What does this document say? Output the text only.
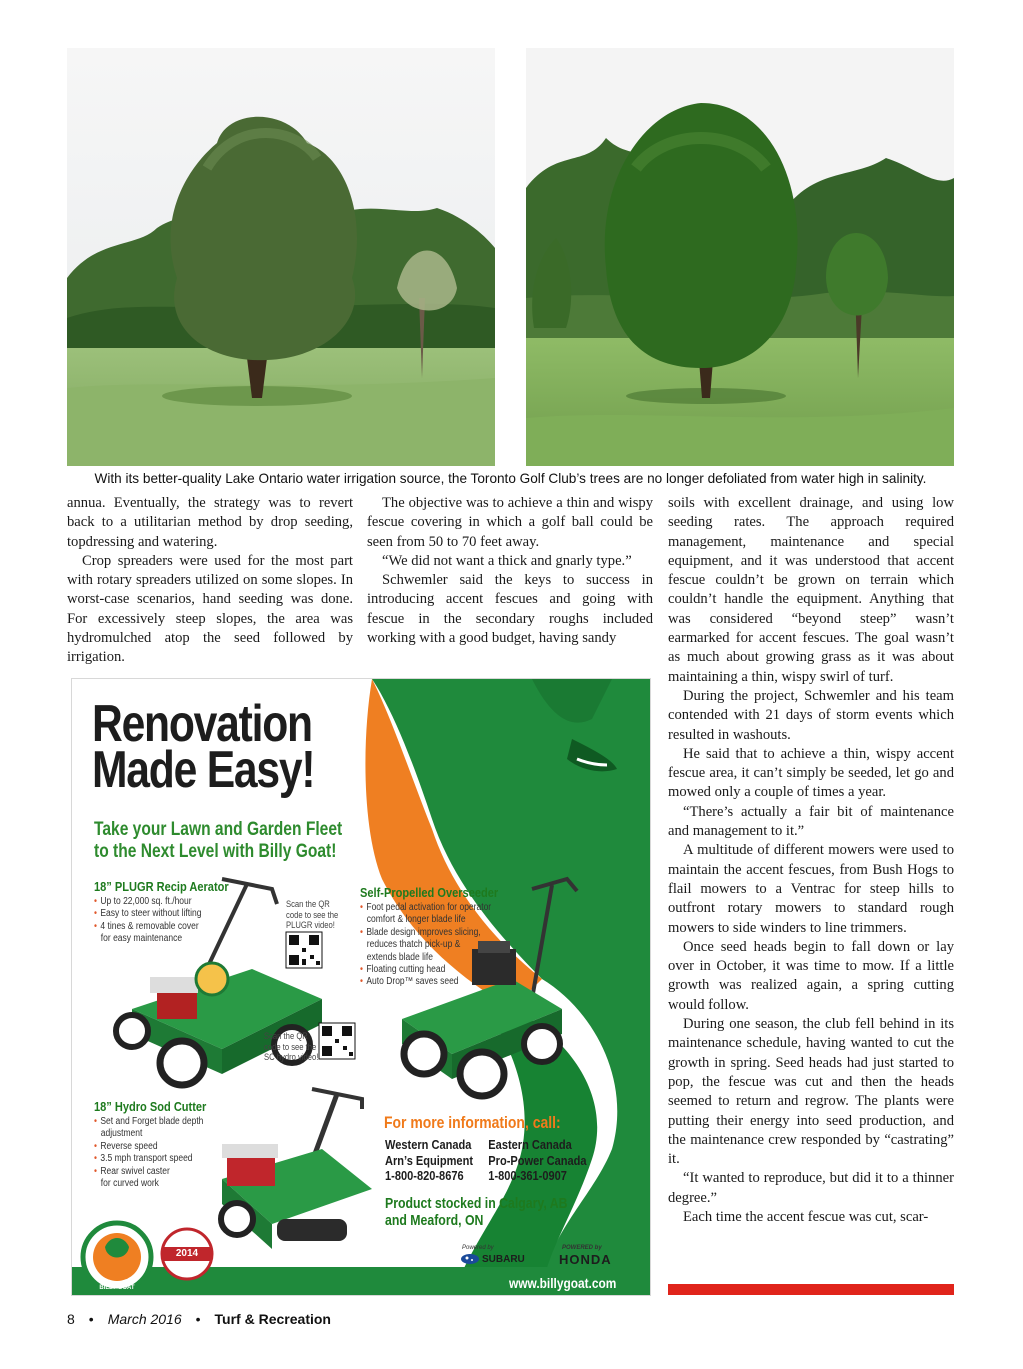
With its better-quality Lake Ontario water irrigation source, the Toronto Golf Club’s trees are no longer defoliated from water high in salinity.

annua. Eventually, the strategy was to revert back to a utilitarian method by drop seeding, topdressing and watering.

Crop spreaders were used for the most part with rotary spreaders utilized on some slopes. In worst-case scenarios, hand seeding was done. For excessively steep slopes, the area was hydromulched atop the seed followed by irrigation.

The objective was to achieve a thin and wispy fescue covering in which a golf ball could be seen from 50 to 70 feet away.

“We did not want a thick and gnarly type.”

Schwemler said the keys to success in introducing accent fescues and going with fescue in the secondary roughs included working with a good budget, having sandy

soils with excellent drainage, and using low seeding rates. The approach required management, maintenance and special equipment, and it was understood that accent fescue couldn’t be grown on terrain which couldn’t handle the equipment. Anything that was considered “beyond steep” wasn’t earmarked for accent fescues. The goal wasn’t as much about growing grass as it was about maintaining a thin, wispy swirl of turf.

During the project, Schwemler and his team contended with 21 days of storm events which resulted in washouts.

He said that to achieve a thin, wispy accent fescue area, it can’t simply be seeded, let go and mowed only a couple of times a year.

“There’s actually a fair bit of maintenance and management to it.”

A multitude of different mowers were used to maintain the accent fescues, from Bush Hogs to flail mowers to a Ventrac for steep hills to outfront rotary mowers to standard rough mowers to side winders to line trimmers.

Once seed heads begin to fall down or lay over in October, it was time to mow. If a little growth was realized again, a spring cutting would follow.

During one season, the club fell behind in its maintenance schedule, having wanted to cut the growth in spring. Seed heads had just started to pop, the fescue was cut and then the heads seemed to return and regrow. The plants were putting their energy into seed production, and the maintenance crew responded by “castrating” it.

“It wanted to reproduce, but did it to a thinner degree.”

Each time the accent fescue was cut, scar-

Renovation
Made Easy!
Take your Lawn and Garden Fleet
to the Next Level with Billy Goat!
18” PLUGR Recip Aerator
• Up to 22,000 sq. ft./hour
• Easy to steer without lifting
• 4 tines & removable cover
for easy maintenance
Scan the QR
code to see the
PLUGR video!
Self-Propelled Overseeder
• Foot pedal activation for operator
comfort & longer blade life
• Blade design improves slicing,
reduces thatch pick-up &
extends blade life
• Floating cutting head
• Auto Drop™ saves seed
Scan the QR
code to see the
SC hydro video!
18” Hydro Sod Cutter
• Set and Forget blade depth
adjustment
• Reverse speed
• 3.5 mph transport speed
• Rear swivel caster
for curved work
For more information, call:
Western Canada
Arn’s Equipment
1-800-820-8676
Eastern Canada
Pro-Power Canada
1-800-361-0907
Product stocked in Calgary, AB
and Meaford, ON
Powered by
SUBARU
POWERED by
HONDA
TWENTY
2014
BILLY GOAT	www.billygoat.com
8 • March 2016 • Turf & Recreation
